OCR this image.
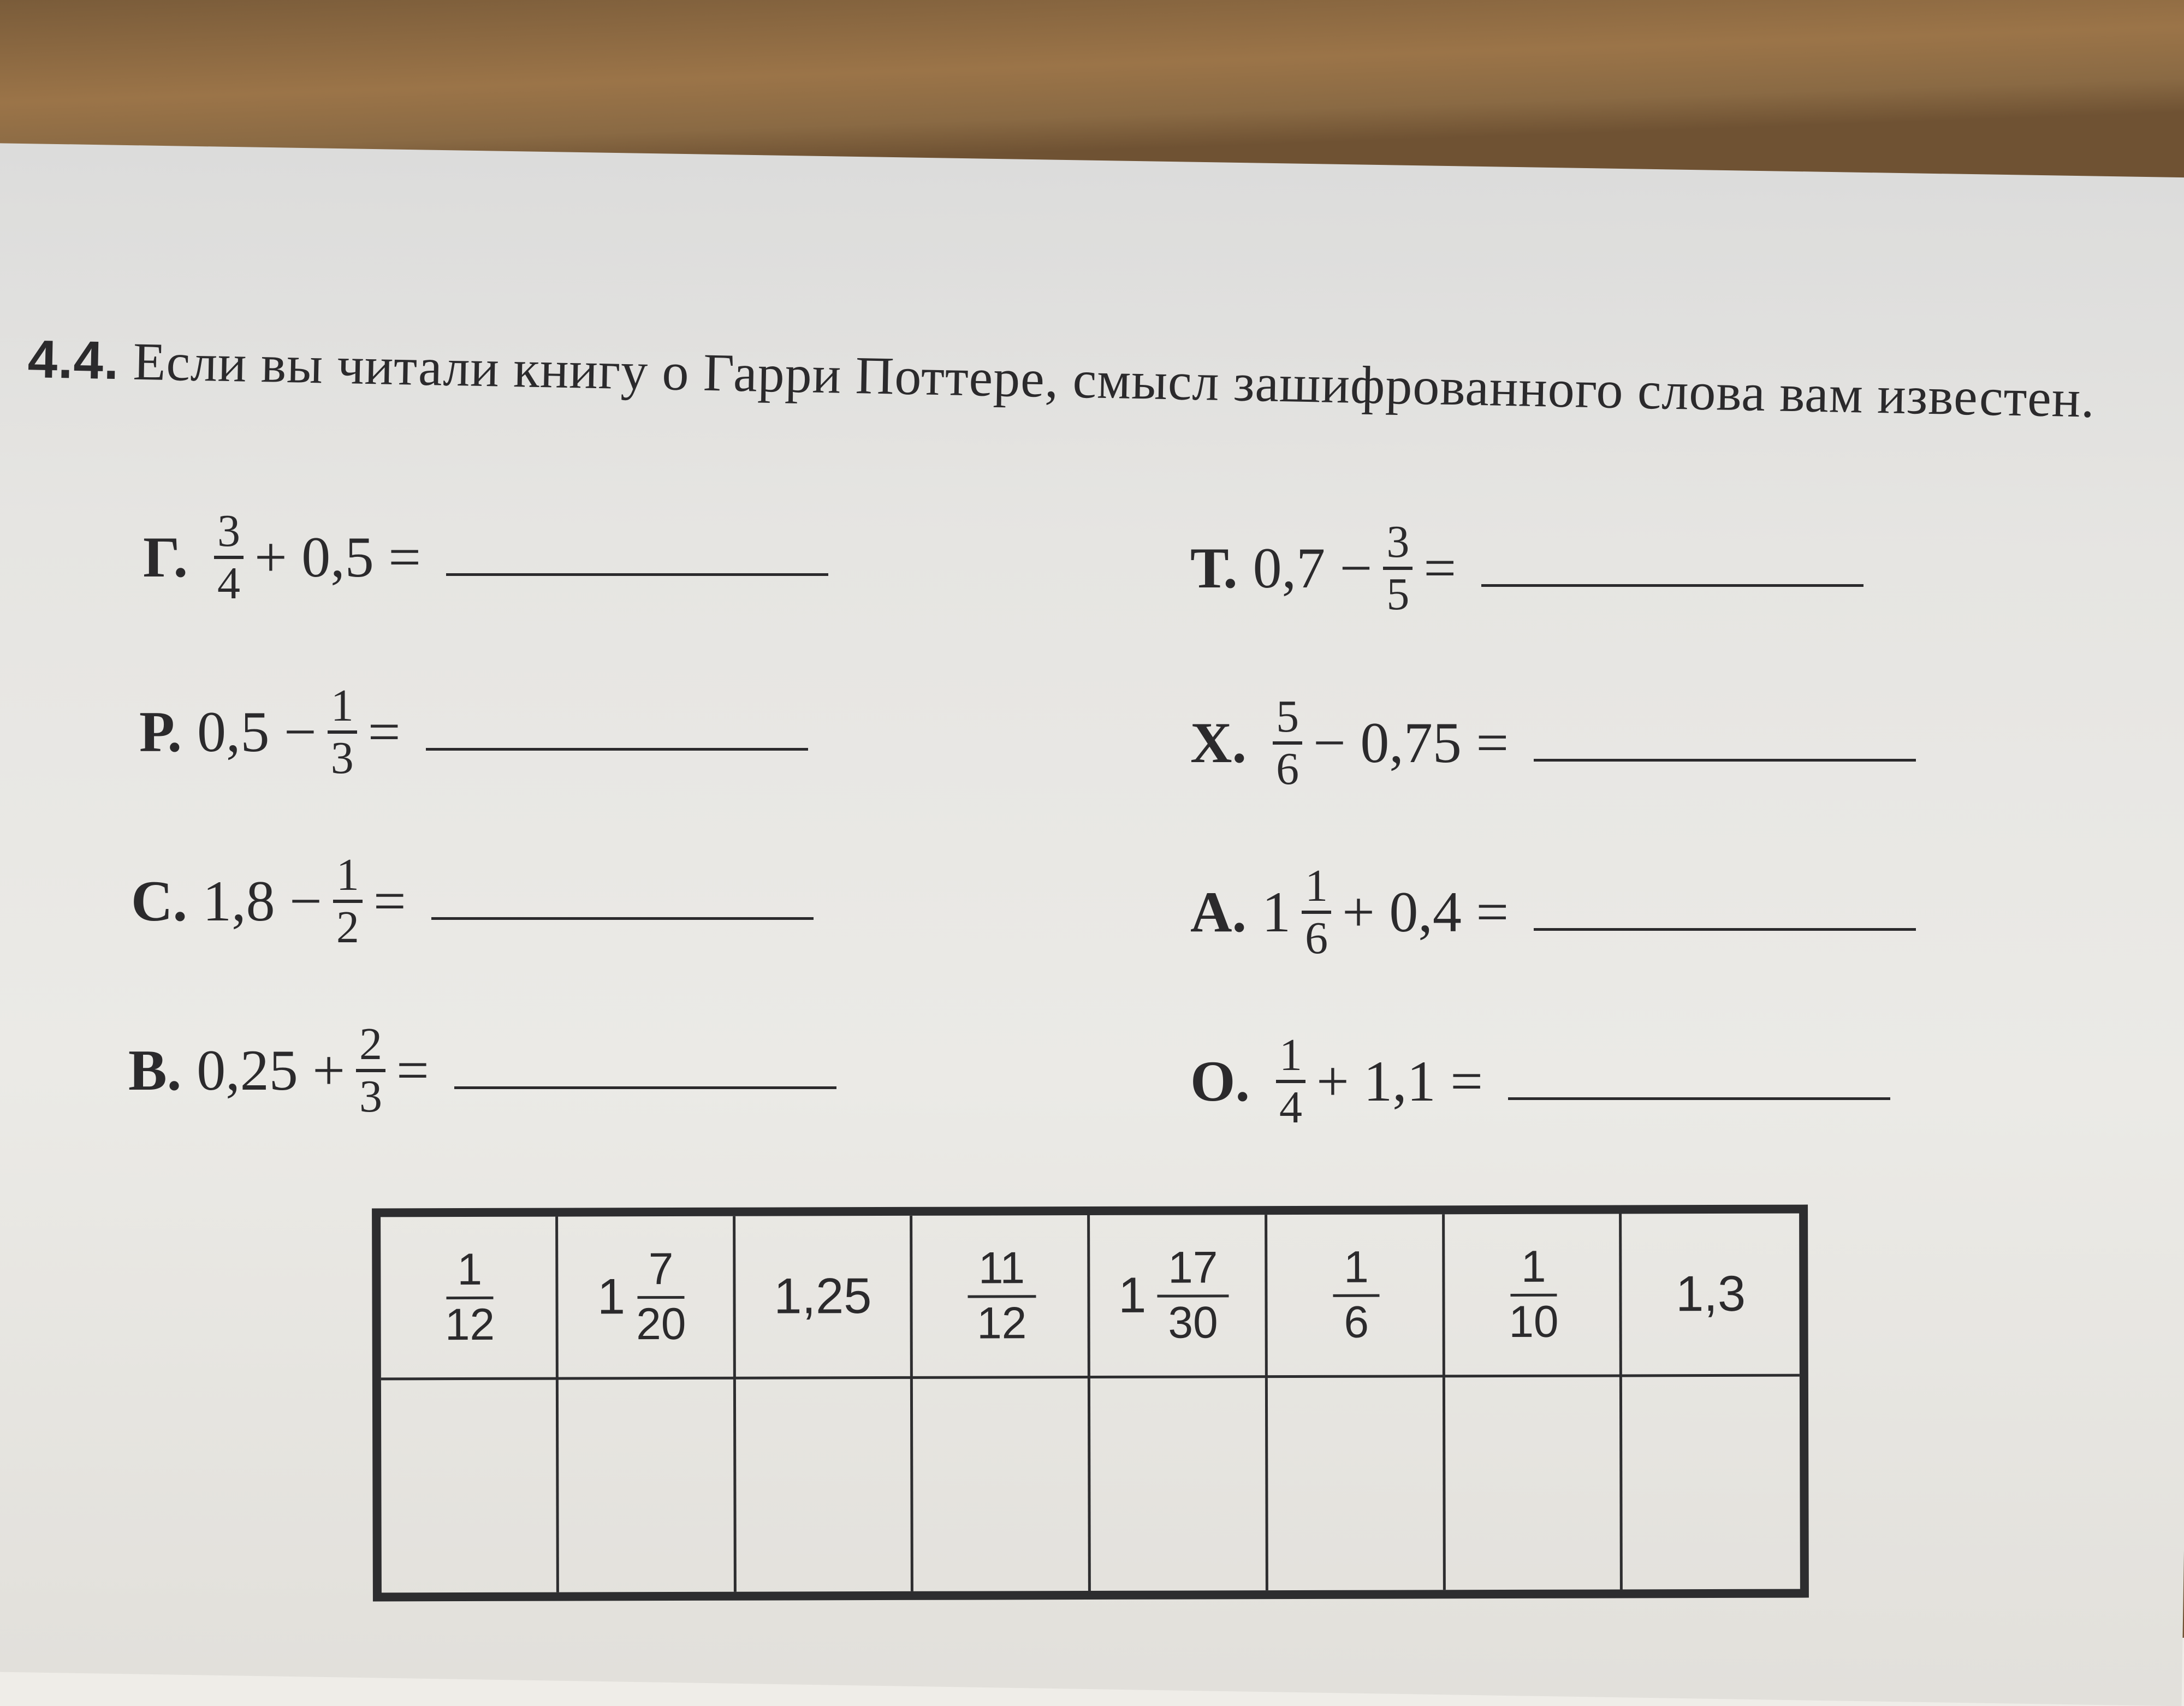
4.4. Если вы читали книгу о Гарри Поттере, смысл зашифрованного слова вам известен.
Г. $\frac{3}{4} + 0,5$ =
Р. $0,5 - \frac{1}{3}$ =
С. $1,8 - \frac{1}{2}$ =
В. $0,25 + \frac{2}{3}$ =
Т. $0,7 - \frac{3}{5}$ =
Х. $\frac{5}{6} - 0,75$ =
А. $1 \frac{1}{6} + 0,4$ =
О. $\frac{1}{4} + 1,1$ =
$\frac{1}{12} 1 \frac{7}{20} 1,25 \frac{11}{12} 1 \frac{17}{30} \frac{1}{6}$	$\frac{1}{10} 1,3$
